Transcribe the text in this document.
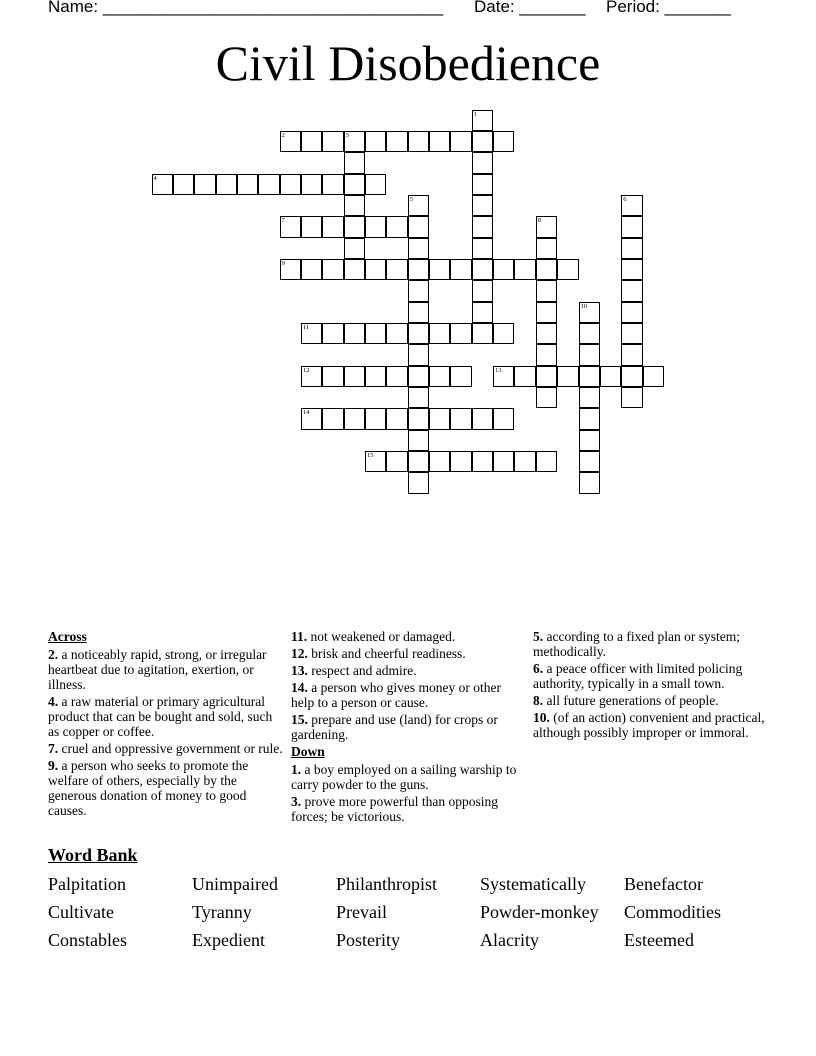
Name: ____________________________________ Date: _______ Period: _______
Civil Disobedience
1
2	3
4
5	6
7	8
9
10
11
12	13
14
15
Across
2. a noticeably rapid, strong, or irregular heartbeat due to agitation, exertion, or illness.
4. a raw material or primary agricultural product that can be bought and sold, such as copper or coffee.
7. cruel and oppressive government or rule.
9. a person who seeks to promote the welfare of others, especially by the generous donation of money to good causes.
11. not weakened or damaged.
12. brisk and cheerful readiness.
13. respect and admire.
14. a person who gives money or other help to a person or cause.
15. prepare and use (land) for crops or gardening.
Down
1. a boy employed on a sailing warship to carry powder to the guns.
3. prove more powerful than opposing forces; be victorious.
5. according to a fixed plan or system; methodically.
6. a peace officer with limited policing authority, typically in a small town.
8. all future generations of people.
10. (of an action) convenient and practical, although possibly improper or immoral.
Word Bank
Palpitation	Unimpaired	Philanthropist Systematically Benefactor
Cultivate	Tyranny	Prevail	Powder-monkey Commodities
Constables	Expedient	Posterity	Alacrity	Esteemed
